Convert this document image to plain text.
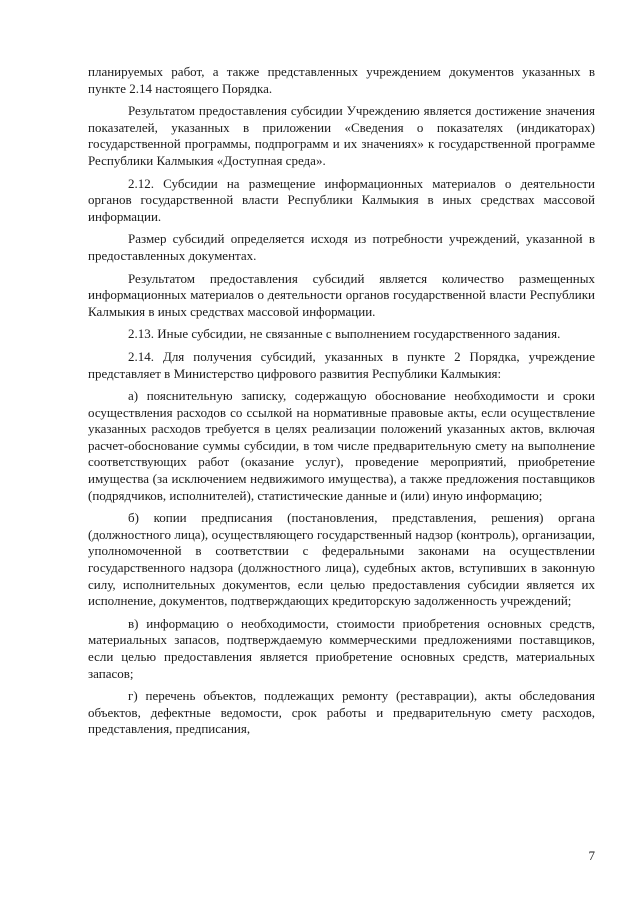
планируемых работ, а также представленных учреждением документов указанных в пункте 2.14 настоящего Порядка.

Результатом предоставления субсидии Учреждению является достижение значения показателей, указанных в приложении «Сведения о показателях (индикаторах) государственной программы, подпрограмм и их значениях» к государственной программе Республики Калмыкия «Доступная среда».

2.12. Субсидии на размещение информационных материалов о деятельности органов государственной власти Республики Калмыкия в иных средствах массовой информации.

Размер субсидий определяется исходя из потребности учреждений, указанной в предоставленных документах.

Результатом предоставления субсидий является количество размещенных информационных материалов о деятельности органов государственной власти Республики Калмыкия в иных средствах массовой информации.

2.13. Иные субсидии, не связанные с выполнением государственного задания.

2.14. Для получения субсидий, указанных в пункте 2 Порядка, учреждение представляет в Министерство цифрового развития Республики Калмыкия:

а) пояснительную записку, содержащую обоснование необходимости и сроки осуществления расходов со ссылкой на нормативные правовые акты, если осуществление указанных расходов требуется в целях реализации положений указанных актов, включая расчет-обоснование суммы субсидии, в том числе предварительную смету на выполнение соответствующих работ (оказание услуг), проведение мероприятий, приобретение имущества (за исключением недвижимого имущества), а также предложения поставщиков (подрядчиков, исполнителей), статистические данные и (или) иную информацию;

б) копии предписания (постановления, представления, решения) органа (должностного лица), осуществляющего государственный надзор (контроль), организации, уполномоченной в соответствии с федеральными законами на осуществлении государственного надзора (должностного лица), судебных актов, вступивших в законную силу, исполнительных документов, если целью предоставления субсидии является их исполнение, документов, подтверждающих кредиторскую задолженность учреждений;

в) информацию о необходимости, стоимости приобретения основных средств, материальных запасов, подтверждаемую коммерческими предложениями поставщиков, если целью предоставления является приобретение основных средств, материальных запасов;

г) перечень объектов, подлежащих ремонту (реставрации), акты обследования объектов, дефектные ведомости, срок работы и предварительную смету расходов, представления, предписания,

7
